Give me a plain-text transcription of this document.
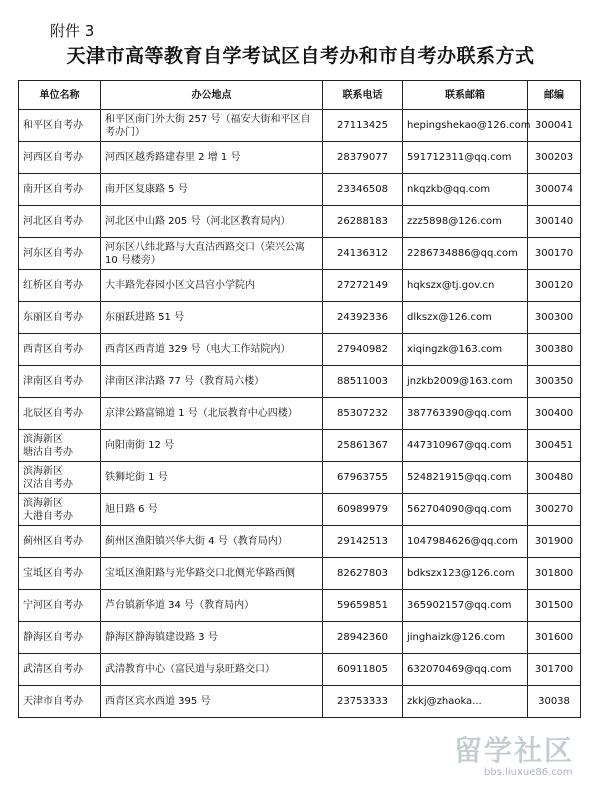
附件 3
天津市高等教育自学考试区自考办和市自考办联系方式
单位名称	办公地点	联系电话	联系邮箱	邮编

和平区自考办	和平区南门外大街 257 号（福安大街和平区自考办门）	27113425	hepingshekao@126.com	300041

河西区自考办	河西区越秀路建春里 2 增 1 号	28379077	591712311@qq.com	300203

南开区自考办	南开区复康路 5 号	23346508	nkqzkb@qq.com	300074

河北区自考办	河北区中山路 205 号（河北区教育局内）	26288183	zzz5898@126.com	300140

河东区自考办	河东区八纬北路与大直沽西路交口（荣兴公寓 10 号楼旁）	24136312	2286734886@qq.com	300170

红桥区自考办	大丰路先春园小区文昌宫小学院内	27272149	hqkszx@tj.gov.cn	300120

东丽区自考办	东丽跃进路 51 号	24392336	dlkszx@126.com	300300

西青区自考办	西青区西青道 329 号（电大工作站院内）	27940982	xiqingzk@163.com	300380

津南区自考办	津南区津沽路 77 号（教育局六楼）	88511003	jnzkb2009@163.com	300350

北辰区自考办	京津公路富锦道 1 号（北辰教育中心四楼）	85307232	387763390@qq.com	300400

滨海新区
塘沽自考办	向阳南街 12 号	25861367	447310967@qq.com	300451

滨海新区
汉沽自考办	铁狮坨街 1 号	67963755	524821915@qq.com	300480

滨海新区
大港自考办	旭日路 6 号	60989979	562704090@qq.com	300270

蓟州区自考办	蓟州区渔阳镇兴华大街 4 号（教育局内）	29142513	1047984626@qq.com	301900

宝坻区自考办	宝坻区渔阳路与光华路交口北侧光华路西侧	82627803	bdkszx123@126.com	301800

宁河区自考办	芦台镇新华道 34 号（教育局内）	59659851	365902157@qq.com	301500

静海区自考办	静海区静海镇建设路 3 号	28942360	jinghaizk@126.com	301600

武清区自考办	武清教育中心（富民道与泉旺路交口）	60911805	632070469@qq.com	301700

天津市自考办	西青区宾水西道 395 号	23753333	zkkj@zhaoka...	30038
留学社区
bbs.liuxue86.com
